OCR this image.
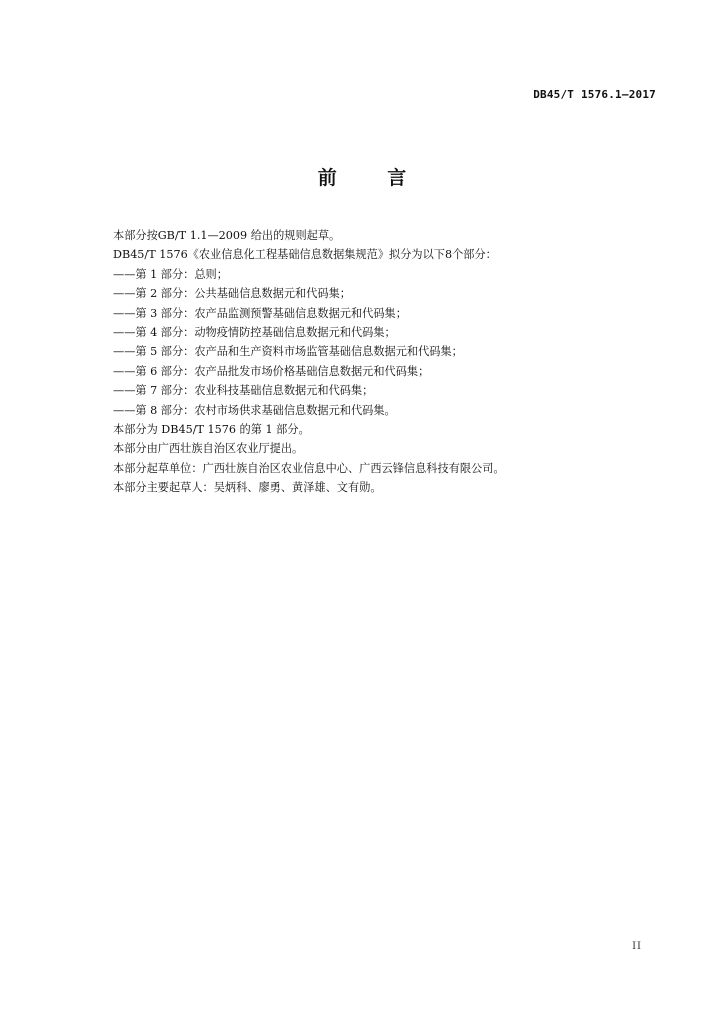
DB45/T 1576.1—2017
前 言

本部分按GB/T 1.1—2009 给出的规则起草。

DB45/T 1576《农业信息化工程基础信息数据集规范》拟分为以下8个部分：

——第 1 部分：总则；

——第 2 部分：公共基础信息数据元和代码集；

——第 3 部分：农产品监测预警基础信息数据元和代码集；

——第 4 部分：动物疫情防控基础信息数据元和代码集；

——第 5 部分：农产品和生产资料市场监管基础信息数据元和代码集；

——第 6 部分：农产品批发市场价格基础信息数据元和代码集；

——第 7 部分：农业科技基础信息数据元和代码集；

——第 8 部分：农村市场供求基础信息数据元和代码集。

本部分为 DB45/T 1576 的第 1 部分。

本部分由广西壮族自治区农业厅提出。

本部分起草单位：广西壮族自治区农业信息中心、广西云锋信息科技有限公司。

本部分主要起草人：吴炳科、廖勇、黄泽雄、文有勋。

II
